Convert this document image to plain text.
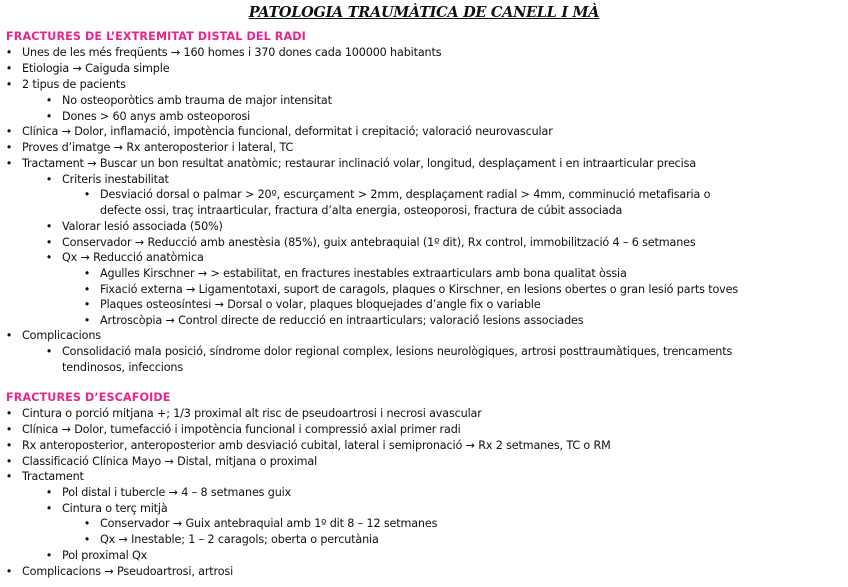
PATOLOGIA TRAUMÀTICA DE CANELL I MÀ
FRACTURES DE L’EXTREMITAT DISTAL DEL RADI
• Unes de les més freqüents → 160 homes i 370 dones cada 100000 habitants
• Etiologia → Caiguda simple
• 2 tipus de pacients
• No osteoporòtics amb trauma de major intensitat
• Dones > 60 anys amb osteoporosi
• Clínica → Dolor, inflamació, impotència funcional, deformitat i crepitació; valoració neurovascular
• Proves d’imatge → Rx anteroposterior i lateral, TC
• Tractament → Buscar un bon resultat anatòmic; restaurar inclinació volar, longitud, desplaçament i en intraarticular precisa
• Criteris inestabilitat
• Desviació dorsal o palmar > 20º, escurçament > 2mm, desplaçament radial > 4mm, comminució metafisaria o
defecte ossi, traç intraarticular, fractura d’alta energia, osteoporosi, fractura de cúbit associada
• Valorar lesió associada (50%)
• Conservador → Reducció amb anestèsia (85%), guix antebraquial (1º dit), Rx control, immobilització 4 – 6 setmanes
• Qx → Reducció anatòmica
• Agulles Kirschner → > estabilitat, en fractures inestables extraarticulars amb bona qualitat òssia
• Fixació externa → Ligamentotaxi, suport de caragols, plaques o Kirschner, en lesions obertes o gran lesió parts toves
• Plaques osteosíntesi → Dorsal o volar, plaques bloquejades d’angle fix o variable
• Artroscòpia → Control directe de reducció en intraarticulars; valoració lesions associades
• Complicacions
• Consolidació mala posició, síndrome dolor regional complex, lesions neurològiques, artrosi posttraumàtiques, trencaments
tendinosos, infeccions
FRACTURES D’ESCAFOIDE
• Cintura o porció mitjana +; 1/3 proximal alt risc de pseudoartrosi i necrosi avascular
• Clínica → Dolor, tumefacció i impotència funcional i compressió axial primer radi
• Rx anteroposterior, anteroposterior amb desviació cubital, lateral i semipronació → Rx 2 setmanes, TC o RM
• Classificació Clínica Mayo → Distal, mitjana o proximal
• Tractament
• Pol distal i tubercle → 4 – 8 setmanes guix
• Cintura o terç mitjà
• Conservador → Guix antebraquial amb 1º dit 8 – 12 setmanes
• Qx → Inestable; 1 – 2 caragols; oberta o percutània
• Pol proximal Qx
• Complicacions → Pseudoartrosi, artrosi
